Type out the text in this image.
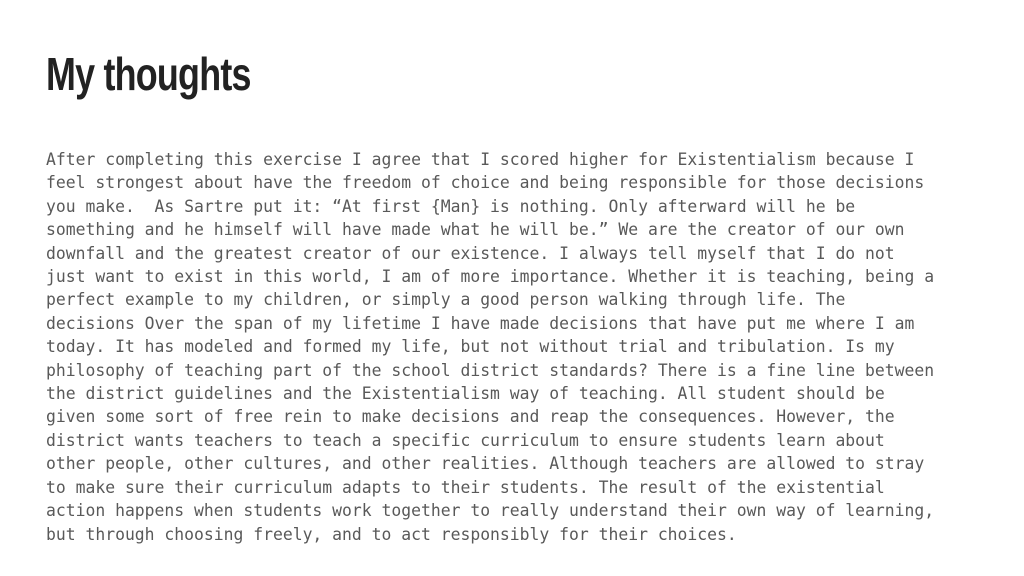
My thoughts
After completing this exercise I agree that I scored higher for Existentialism because I
feel strongest about have the freedom of choice and being responsible for those decisions
you make.  As Sartre put it: “At first {Man} is nothing. Only afterward will he be
something and he himself will have made what he will be.” We are the creator of our own
downfall and the greatest creator of our existence. I always tell myself that I do not
just want to exist in this world, I am of more importance. Whether it is teaching, being a
perfect example to my children, or simply a good person walking through life. The
decisions Over the span of my lifetime I have made decisions that have put me where I am
today. It has modeled and formed my life, but not without trial and tribulation. Is my
philosophy of teaching part of the school district standards? There is a fine line between
the district guidelines and the Existentialism way of teaching. All student should be
given some sort of free rein to make decisions and reap the consequences. However, the
district wants teachers to teach a specific curriculum to ensure students learn about
other people, other cultures, and other realities. Although teachers are allowed to stray
to make sure their curriculum adapts to their students. The result of the existential
action happens when students work together to really understand their own way of learning,
but through choosing freely, and to act responsibly for their choices.
